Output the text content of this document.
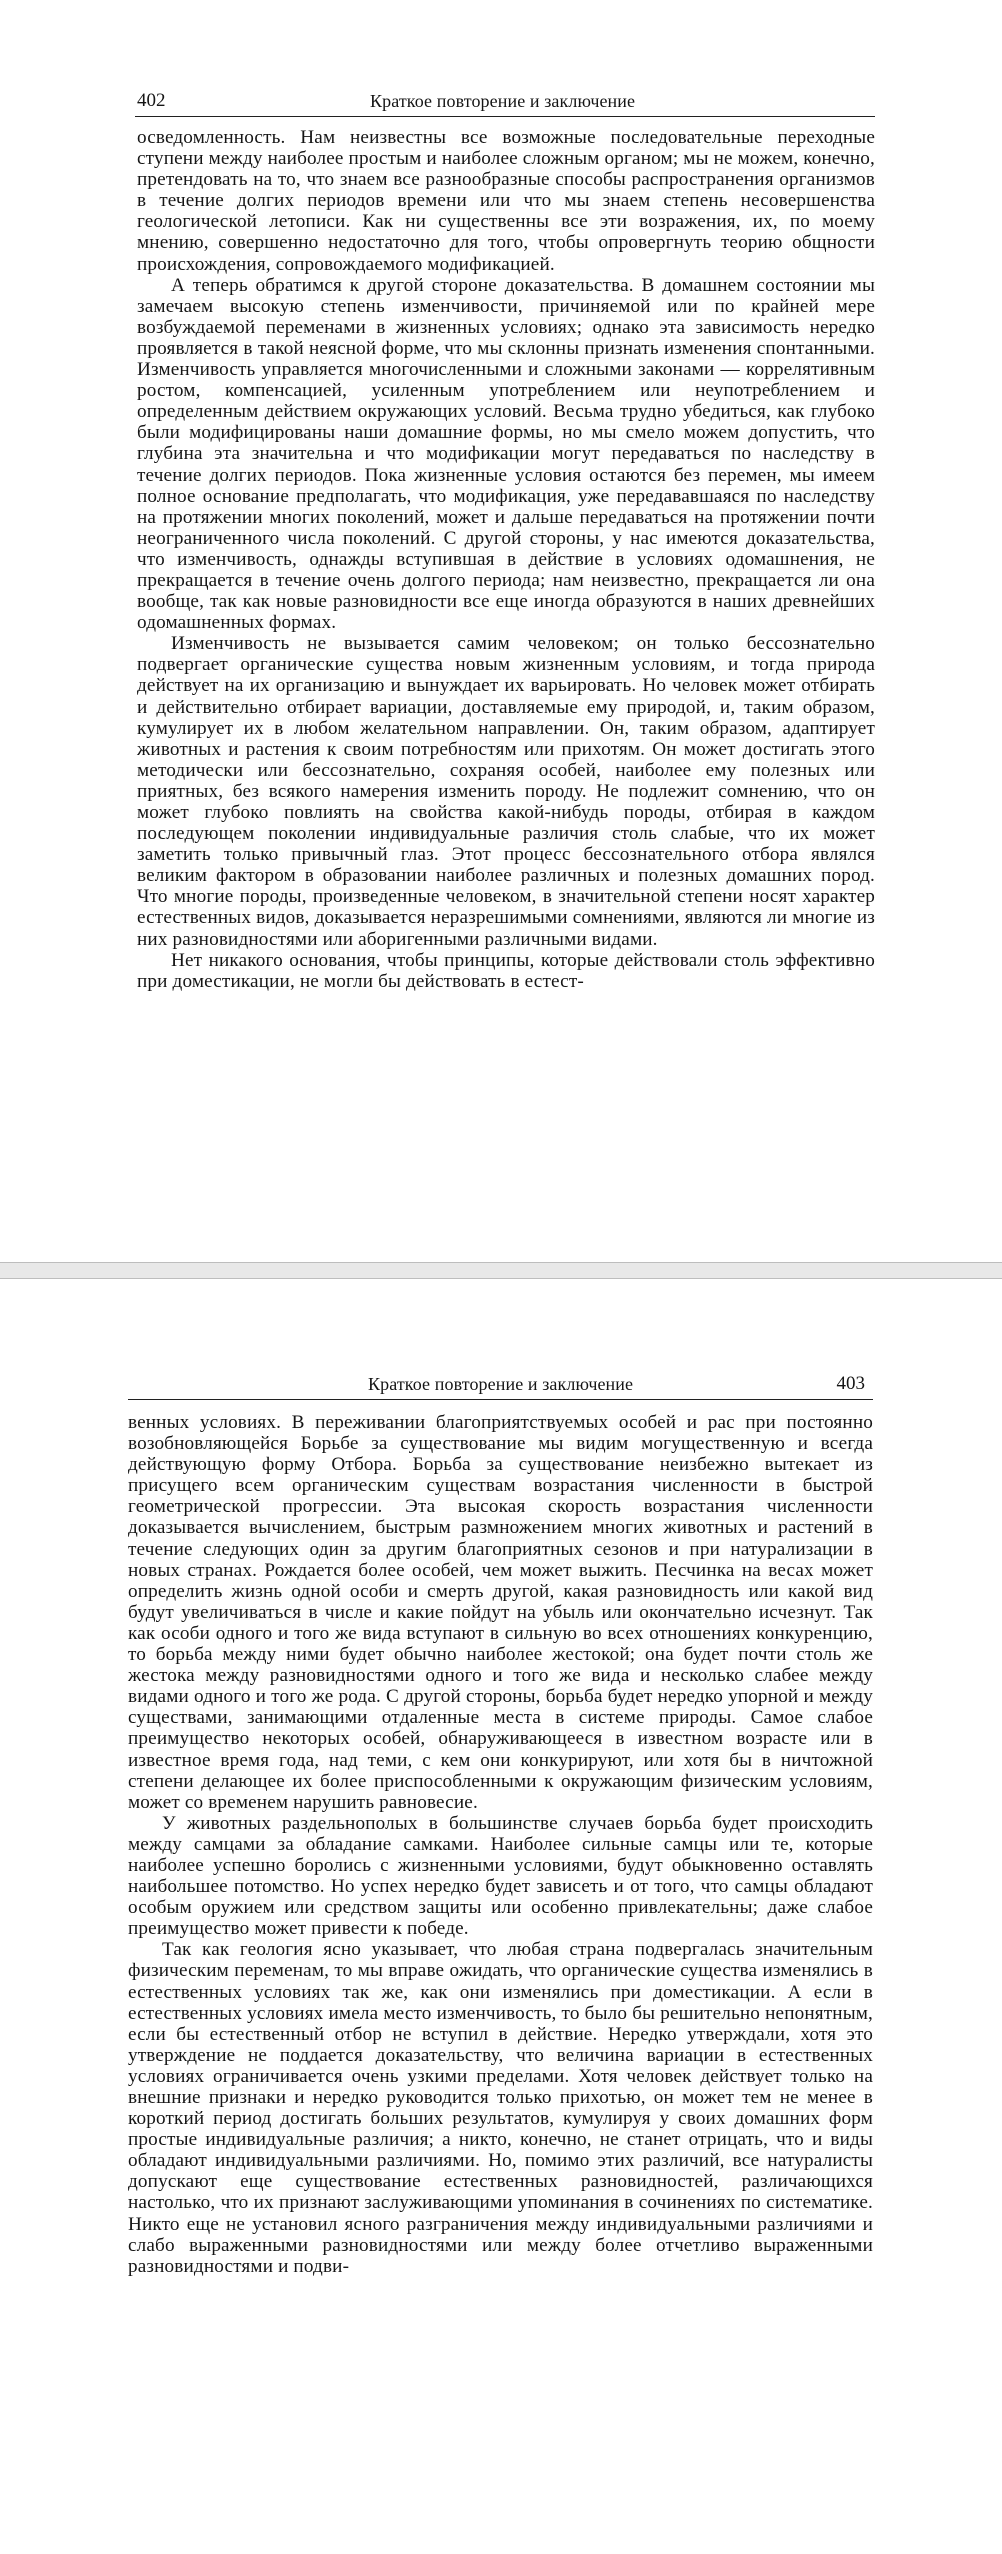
402	Краткое повторение и заключение

осведомленность. Нам неизвестны все возможные последовательные переходные ступени между наиболее простым и наиболее сложным органом; мы не можем, конечно, претендовать на то, что знаем все разнообразные способы распространения организмов в течение долгих периодов времени или что мы знаем степень несовершенства геологической летописи. Как ни существенны все эти возражения, их, по моему мнению, совершенно недостаточно для того, чтобы опровергнуть теорию общности происхождения, сопровождаемого модификацией.

А теперь обратимся к другой стороне доказательства. В домашнем состоянии мы замечаем высокую степень изменчивости, причиняемой или по крайней мере возбуждаемой переменами в жизненных условиях; однако эта зависимость нередко проявляется в такой неясной форме, что мы склонны признать изменения спонтанными. Изменчивость управляется многочисленными и сложными законами — коррелятивным ростом, компенсацией, усиленным употреблением или неупотреблением и определенным действием окружающих условий. Весьма трудно убедиться, как глубоко были модифицированы наши домашние формы, но мы смело можем допустить, что глубина эта значительна и что модификации могут передаваться по наследству в течение долгих периодов. Пока жизненные условия остаются без перемен, мы имеем полное основание предполагать, что модификация, уже передававшаяся по наследству на протяжении многих поколений, может и дальше передаваться на протяжении почти неограниченного числа поколений. С другой стороны, у нас имеются доказательства, что изменчивость, однажды вступившая в действие в условиях одомашнения, не прекращается в течение очень долгого периода; нам неизвестно, прекращается ли она вообще, так как новые разновидности все еще иногда образуются в наших древнейших одомашненных формах.

Изменчивость не вызывается самим человеком; он только бессознательно подвергает органические существа новым жизненным условиям, и тогда природа действует на их организацию и вынуждает их варьировать. Но человек может отбирать и действительно отбирает вариации, доставляемые ему природой, и, таким образом, кумулирует их в любом желательном направлении. Он, таким образом, адаптирует животных и растения к своим потребностям или прихотям. Он может достигать этого методически или бессознательно, сохраняя особей, наиболее ему полезных или приятных, без всякого намерения изменить породу. Не подлежит сомнению, что он может глубоко повлиять на свойства какой-нибудь породы, отбирая в каждом последующем поколении индивидуальные различия столь слабые, что их может заметить только привычный глаз. Этот процесс бессознательного отбора являлся великим фактором в образовании наиболее различных и полезных домашних пород. Что многие породы, произведенные человеком, в значительной степени носят характер естественных видов, доказывается неразрешимыми сомнениями, являются ли многие из них разновидностями или аборигенными различными видами.

Нет никакого основания, чтобы принципы, которые действовали столь эффективно при доместикации, не могли бы действовать в естест-

Краткое повторение и заключение	403

венных условиях. В переживании благоприятствуемых особей и рас при постоянно возобновляющейся Борьбе за существование мы видим могущественную и всегда действующую форму Отбора. Борьба за существование неизбежно вытекает из присущего всем органическим существам возрастания численности в быстрой геометрической прогрессии. Эта высокая скорость возрастания численности доказывается вычислением, быстрым размножением многих животных и растений в течение следующих один за другим благоприятных сезонов и при натурализации в новых странах. Рождается более особей, чем может выжить. Песчинка на весах может определить жизнь одной особи и смерть другой, какая разновидность или какой вид будут увеличиваться в числе и какие пойдут на убыль или окончательно исчезнут. Так как особи одного и того же вида вступают в сильную во всех отношениях конкуренцию, то борьба между ними будет обычно наиболее жестокой; она будет почти столь же жестока между разновидностями одного и того же вида и несколько слабее между видами одного и того же рода. С другой стороны, борьба будет нередко упорной и между существами, занимающими отдаленные места в системе природы. Самое слабое преимущество некоторых особей, обнаруживающееся в известном возрасте или в известное время года, над теми, с кем они конкурируют, или хотя бы в ничтожной степени делающее их более приспособленными к окружающим физическим условиям, может со временем нарушить равновесие.

У животных раздельнополых в большинстве случаев борьба будет происходить между самцами за обладание самками. Наиболее сильные самцы или те, которые наиболее успешно боролись с жизненными условиями, будут обыкновенно оставлять наибольшее потомство. Но успех нередко будет зависеть и от того, что самцы обладают особым оружием или средством защиты или особенно привлекательны; даже слабое преимущество может привести к победе.

Так как геология ясно указывает, что любая страна подвергалась значительным физическим переменам, то мы вправе ожидать, что органические существа изменялись в естественных условиях так же, как они изменялись при доместикации. А если в естественных условиях имела место изменчивость, то было бы решительно непонятным, если бы естественный отбор не вступил в действие. Нередко утверждали, хотя это утверждение не поддается доказательству, что величина вариации в естественных условиях ограничивается очень узкими пределами. Хотя человек действует только на внешние признаки и нередко руководится только прихотью, он может тем не менее в короткий период достигать больших результатов, кумулируя у своих домашних форм простые индивидуальные различия; а никто, конечно, не станет отрицать, что и виды обладают индивидуальными различиями. Но, помимо этих различий, все натуралисты допускают еще существование естественных разновидностей, различающихся настолько, что их признают заслуживающими упоминания в сочинениях по систематике. Никто еще не установил ясного разграничения между индивидуальными различиями и слабо выраженными разновидностями или между более отчетливо выраженными разновидностями и подви-
